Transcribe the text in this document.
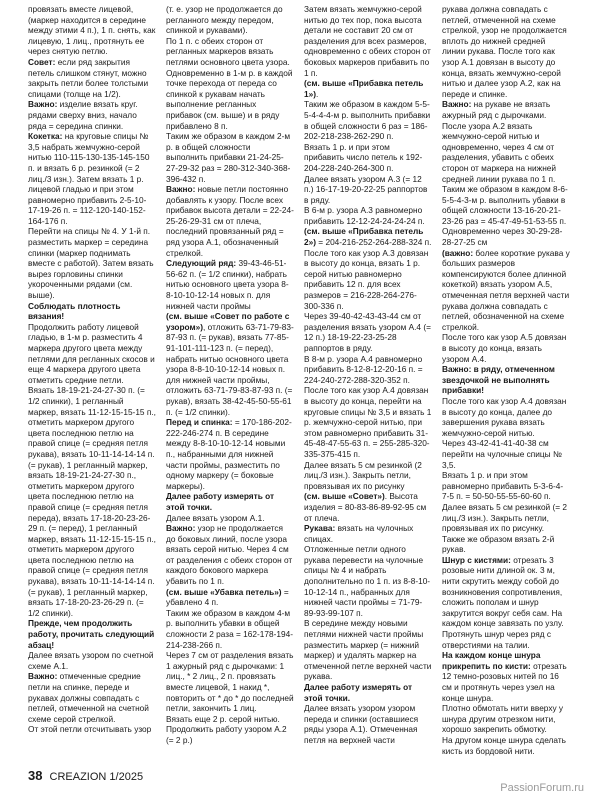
провязать вместе лицевой, (маркер находится в середине между этими 4 п.), 1 п. снять, как лицевую, 1 лиц., протянуть ее через снятую петлю.

Совет: если ряд закрытия петель слишком стянут, можно закрыть петли более толстыми спицами (толще на 1/2).

Важно: изделие вязать круг. рядами сверху вниз, начало ряда = середина спинки.

Кокетка: на круговые спицы № 3,5 набрать жемчужно-серой нитью 110-115-130-135-145-150 п. и вязать 6 р. резинкой (= 2 лиц./3 изн.). Затем вязать 1 р. лицевой гладью и при этом равномерно прибавить 2-5-10-17-19-26 п. = 112-120-140-152-164-176 п.

Перейти на спицы № 4. У 1-й п. разместить маркер = середина спинки (маркер поднимать вместе с работой). Затем вязать вырез горловины спинки укороченными рядами (см. выше).

Соблюдать плотность вязания!

Продолжить работу лицевой гладью, в 1-м р. разместить 4 маркера другого цвета между петлями для регланных скосов и еще 4 маркера другого цвета отметить средние петли.

Вязать 18-19-21-24-27-30 п. (= 1/2 спинки), 1 регланный маркер, вязать 11-12-15-15-15 п., отметить маркером другого цвета последнюю петлю на правой спице (= средняя петля рукава), вязать 10-11-14-14-14 п. (= рукав), 1 регланный маркер, вязать 18-19-21-24-27-30 п., отметить маркером другого цвета последнюю петлю на правой спице (= средняя петля переда), вязать 17-18-20-23-26-29 п. (= перед), 1 регланный маркер, вязать 11-12-15-15-15 п., отметить маркером другого цвета последнюю петлю на правой спице (= средняя петля рукава), вязать 10-11-14-14-14 п. (= рукав), 1 регланный маркер, вязать 17-18-20-23-26-29 п. (= 1/2 спинки).

Прежде, чем продолжить работу, прочитать следующий абзац!

Далее вязать узором по счетной схеме А.1.

Важно: отмеченные средние петли на спинке, переде и рукавах должны совпадать с петлей, отмеченной на счетной схеме серой стрелкой.

От этой петли отсчитывать узор

(т. е. узор не продолжается до регланного между передом, спинкой и рукавами).

По 1 п. с обеих сторон от регланных маркеров вязать петлями основного цвета узора.

Одновременно в 1-м р. в каждой точке перехода от переда со спинкой к рукавам начать выполнение регланных прибавок (см. выше) и в ряду прибавлено 8 п.

Таким же образом в каждом 2-м р. в общей сложности выполнить прибавки 21-24-25-27-29-32 раз = 280-312-340-368-396-432 п.

Важно: новые петли постоянно добавлять к узору. После всех прибавок высота детали = 22-24-25-26-29-31 см от плеча, последний провязанный ряд = ряд узора А.1, обозначенный стрелкой.

Следующий ряд: 39-43-46-51-56-62 п. (= 1/2 спинки), набрать нитью основного цвета узора 8-8-10-10-12-14 новых п. для нижней части проймы

(см. выше «Совет по работе с узором»), отложить 63-71-79-83-87-93 п. (= рукав), вязать 77-85-91-101-111-123 п. (= перед), набрать нитью основного цвета узора 8-8-10-10-12-14 новых п. для нижней части проймы, отложить 63-71-79-83-87-93 п. (= рукав), вязать 38-42-45-50-55-61 п. (= 1/2 спинки).

Перед и спинка: = 170-186-202-222-246-274 п. В середине между 8-8-10-10-12-14 новыми п., набранными для нижней части проймы, разместить по одному маркеру (= боковые маркеры).

Далее работу измерять от этой точки.

Далее вязать узором А.1.

Важно: узор не продолжается до боковых линий, после узора вязать серой нитью. Через 4 см от разделения с обеих сторон от каждого бокового маркера убавить по 1 п.

(см. выше «Убавка петель») = убавлено 4 п.

Таким же образом в каждом 4-м р. выполнить убавки в общей сложности 2 раза = 162-178-194-214-238-266 п.

Через 7 см от разделения вязать 1 ажурный ряд с дырочками: 1 лиц., * 2 лиц., 2 п. провязать вместе лицевой, 1 накид *, повторить от * до * до последней петли, закончить 1 лиц.

Вязать еще 2 р. серой нитью. Продолжить работу узором А.2 (= 2 р.)

Затем вязать жемчужно-серой нитью до тех пор, пока высота детали не составит 20 см от разделения для всех размеров, одновременно с обеих сторон от боковых маркеров прибавить по 1 п.

(см. выше «Прибавка петель 1»).

Таким же образом в каждом 5-5-5-4-4-4-м р. выполнить прибавки в общей сложности 6 раз = 186-202-218-238-262-290 п.

Вязать 1 р. и при этом прибавить число петель к 192-204-228-240-264-300 п.

Далее вязать узором А.3 (= 12 п.) 16-17-19-20-22-25 раппортов в ряду.

В 6-м р. узора А.3 равномерно прибавить 12-12-24-24-24-24 п.

(см. выше «Прибавка петель 2») = 204-216-252-264-288-324 п.

После того как узор А.3 довязан в высоту до конца, вязать 1 р. серой нитью равномерно прибавить 12 п. для всех размеров = 216-228-264-276-300-336 п.

Через 39-40-42-43-43-44 см от разделения вязать узором А.4 (= 12 п.) 18-19-22-23-25-28 раппортов в ряду.

В 8-м р. узора А.4 равномерно прибавить 8-12-8-12-20-16 п. = 224-240-272-288-320-352 п.

После того как узор А.4 довязан в высоту до конца, перейти на круговые спицы № 3,5 и вязать 1 р. жемчужно-серой нитью, при этом равномерно прибавить 31-45-48-47-55-63 п. = 255-285-320-335-375-415 п.

Далее вязать 5 см резинкой (2 лиц./3 изн.). Закрыть петли, провязывая их по рисунку

(см. выше «Совет»). Высота изделия = 80-83-86-89-92-95 см от плеча.

Рукава: вязать на чулочных спицах.

Отложенные петли одного рукава перевести на чулочные спицы № 4 и набрать дополнительно по 1 п. из 8-8-10-10-12-14 п., набранных для нижней части проймы = 71-79-89-93-99-107 п.

В середине между новыми петлями нижней части проймы разместить маркер (= нижний маркер) и удалять маркер на отмеченной петле верхней части рукава.

Далее работу измерять от этой точки.

Далее вязать узором узором переда и спинки (оставшиеся ряды узора А.1). Отмеченная петля на верхней части

рукава должна совпадать с петлей, отмеченной на схеме стрелкой, узор не продолжается вплоть до нижней средней линии рукава. После того как узор А.1 довязан в высоту до конца, вязать жемчужно-серой нитью и далее узор А.2, как на переде и спинке.

Важно: на рукаве не вязать ажурный ряд с дырочками.

После узора А.2 вязать жемчужно-серой нитью и одновременно, через 4 см от разделения, убавить с обеих сторон от маркера на нижней средней линии рукава по 1 п.

Таким же образом в каждом 8-6-5-5-4-3-м р. выполнить убавки в общей сложности 13-16-20-21-23-26 раз = 45-47-49-51-53-55 п.

Одновременно через 30-29-28-28-27-25 см

(важно: более короткие рукава у больших размеров компенсируются более длинной кокеткой) вязать узором А.5, отмеченная петля верхней части рукава должна совпадать с петлей, обозначенной на схеме стрелкой.

После того как узор А.5 довязан в высоту до конца, вязать узором А.4.

Важно: в ряду, отмеченном звездочкой не выполнять прибавки!

После того как узор А.4 довязан в высоту до конца, далее до завершения рукава вязать жемчужно-серой нитью.

Через 43-42-41-41-40-38 см перейти на чулочные спицы № 3,5.

Вязать 1 р. и при этом равномерно прибавить 5-3-6-4-7-5 п. = 50-50-55-55-60-60 п.

Далее вязать 5 см резинкой (= 2 лиц./3 изн.). Закрыть петли, провязывая их по рисунку.

Также же образом вязать 2-й рукав.

Шнур с кистями: отрезать 3 розовые нити длиной ок. 3 м, нити скрутить между собой до возникновения сопротивления, сложить пополам и шнур закрутится вокруг себя сам. На каждом конце завязать по узлу.

Протянуть шнур через ряд с отверстиями на талии.

На каждом конце шнура прикрепить по кисти: отрезать 12 темно-розовых нитей по 16 см и протянуть через узел на конце шнура.

Плотно обмотать нити вверху у шнура другим отрезком нити, хорошо закрепить обмотку.

На другом конце шнура сделать кисть из бордовой нити.

38 CREAZION 1/2025
PassionForum.ru
